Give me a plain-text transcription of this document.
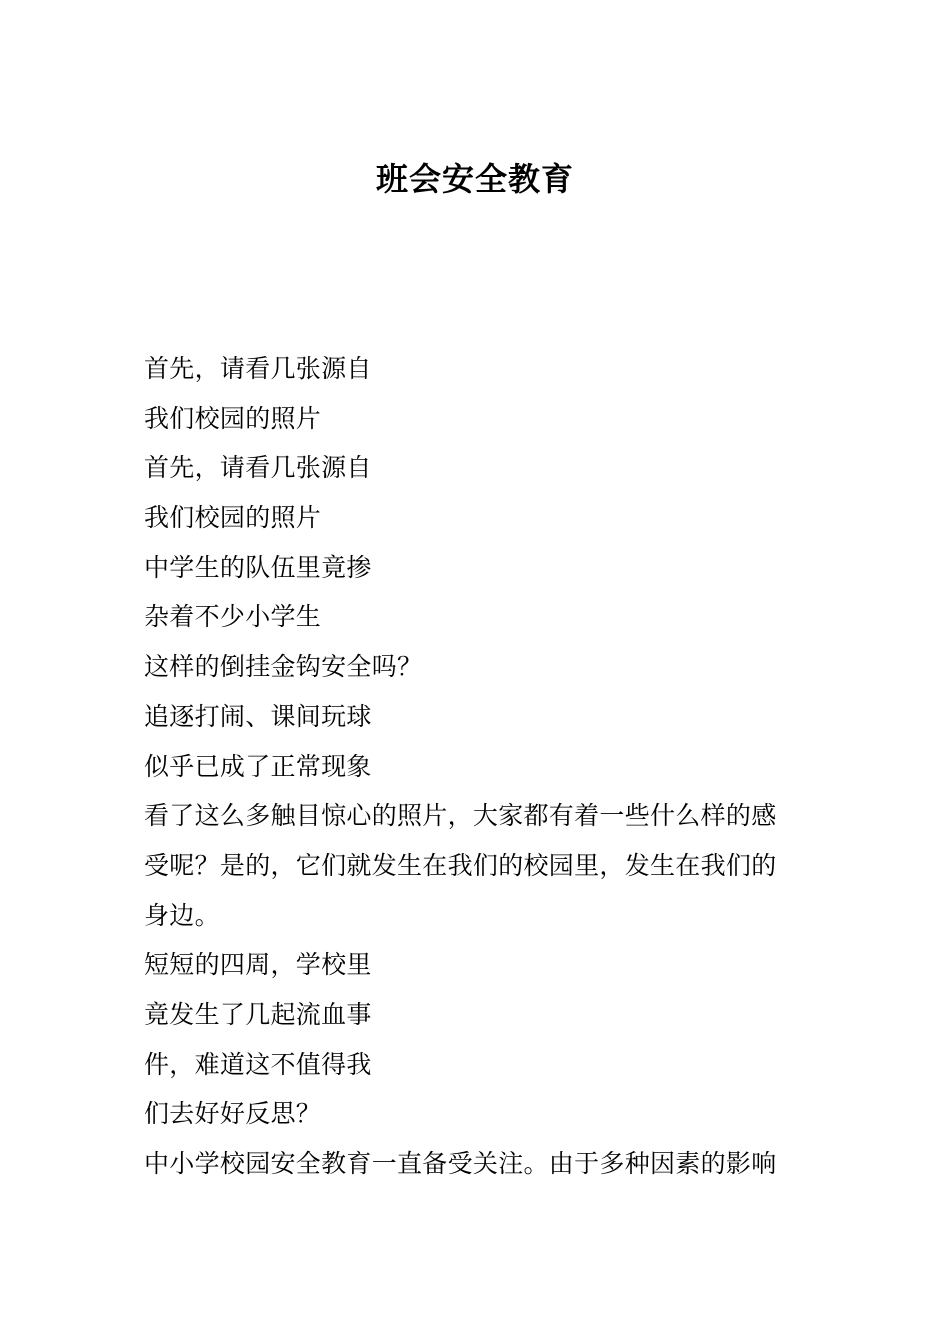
班会安全教育
首先，请看几张源自
我们校园的照片
首先，请看几张源自
我们校园的照片
中学生的队伍里竟掺
杂着不少小学生
这样的倒挂金钩安全吗？
追逐打闹、课间玩球
似乎已成了正常现象
看了这么多触目惊心的照片，大家都有着一些什么样的感
受呢？是的，它们就发生在我们的校园里，发生在我们的
身边。
短短的四周，学校里
竟发生了几起流血事
件，难道这不值得我
们去好好反思？
中小学校园安全教育一直备受关注。由于多种因素的影响
